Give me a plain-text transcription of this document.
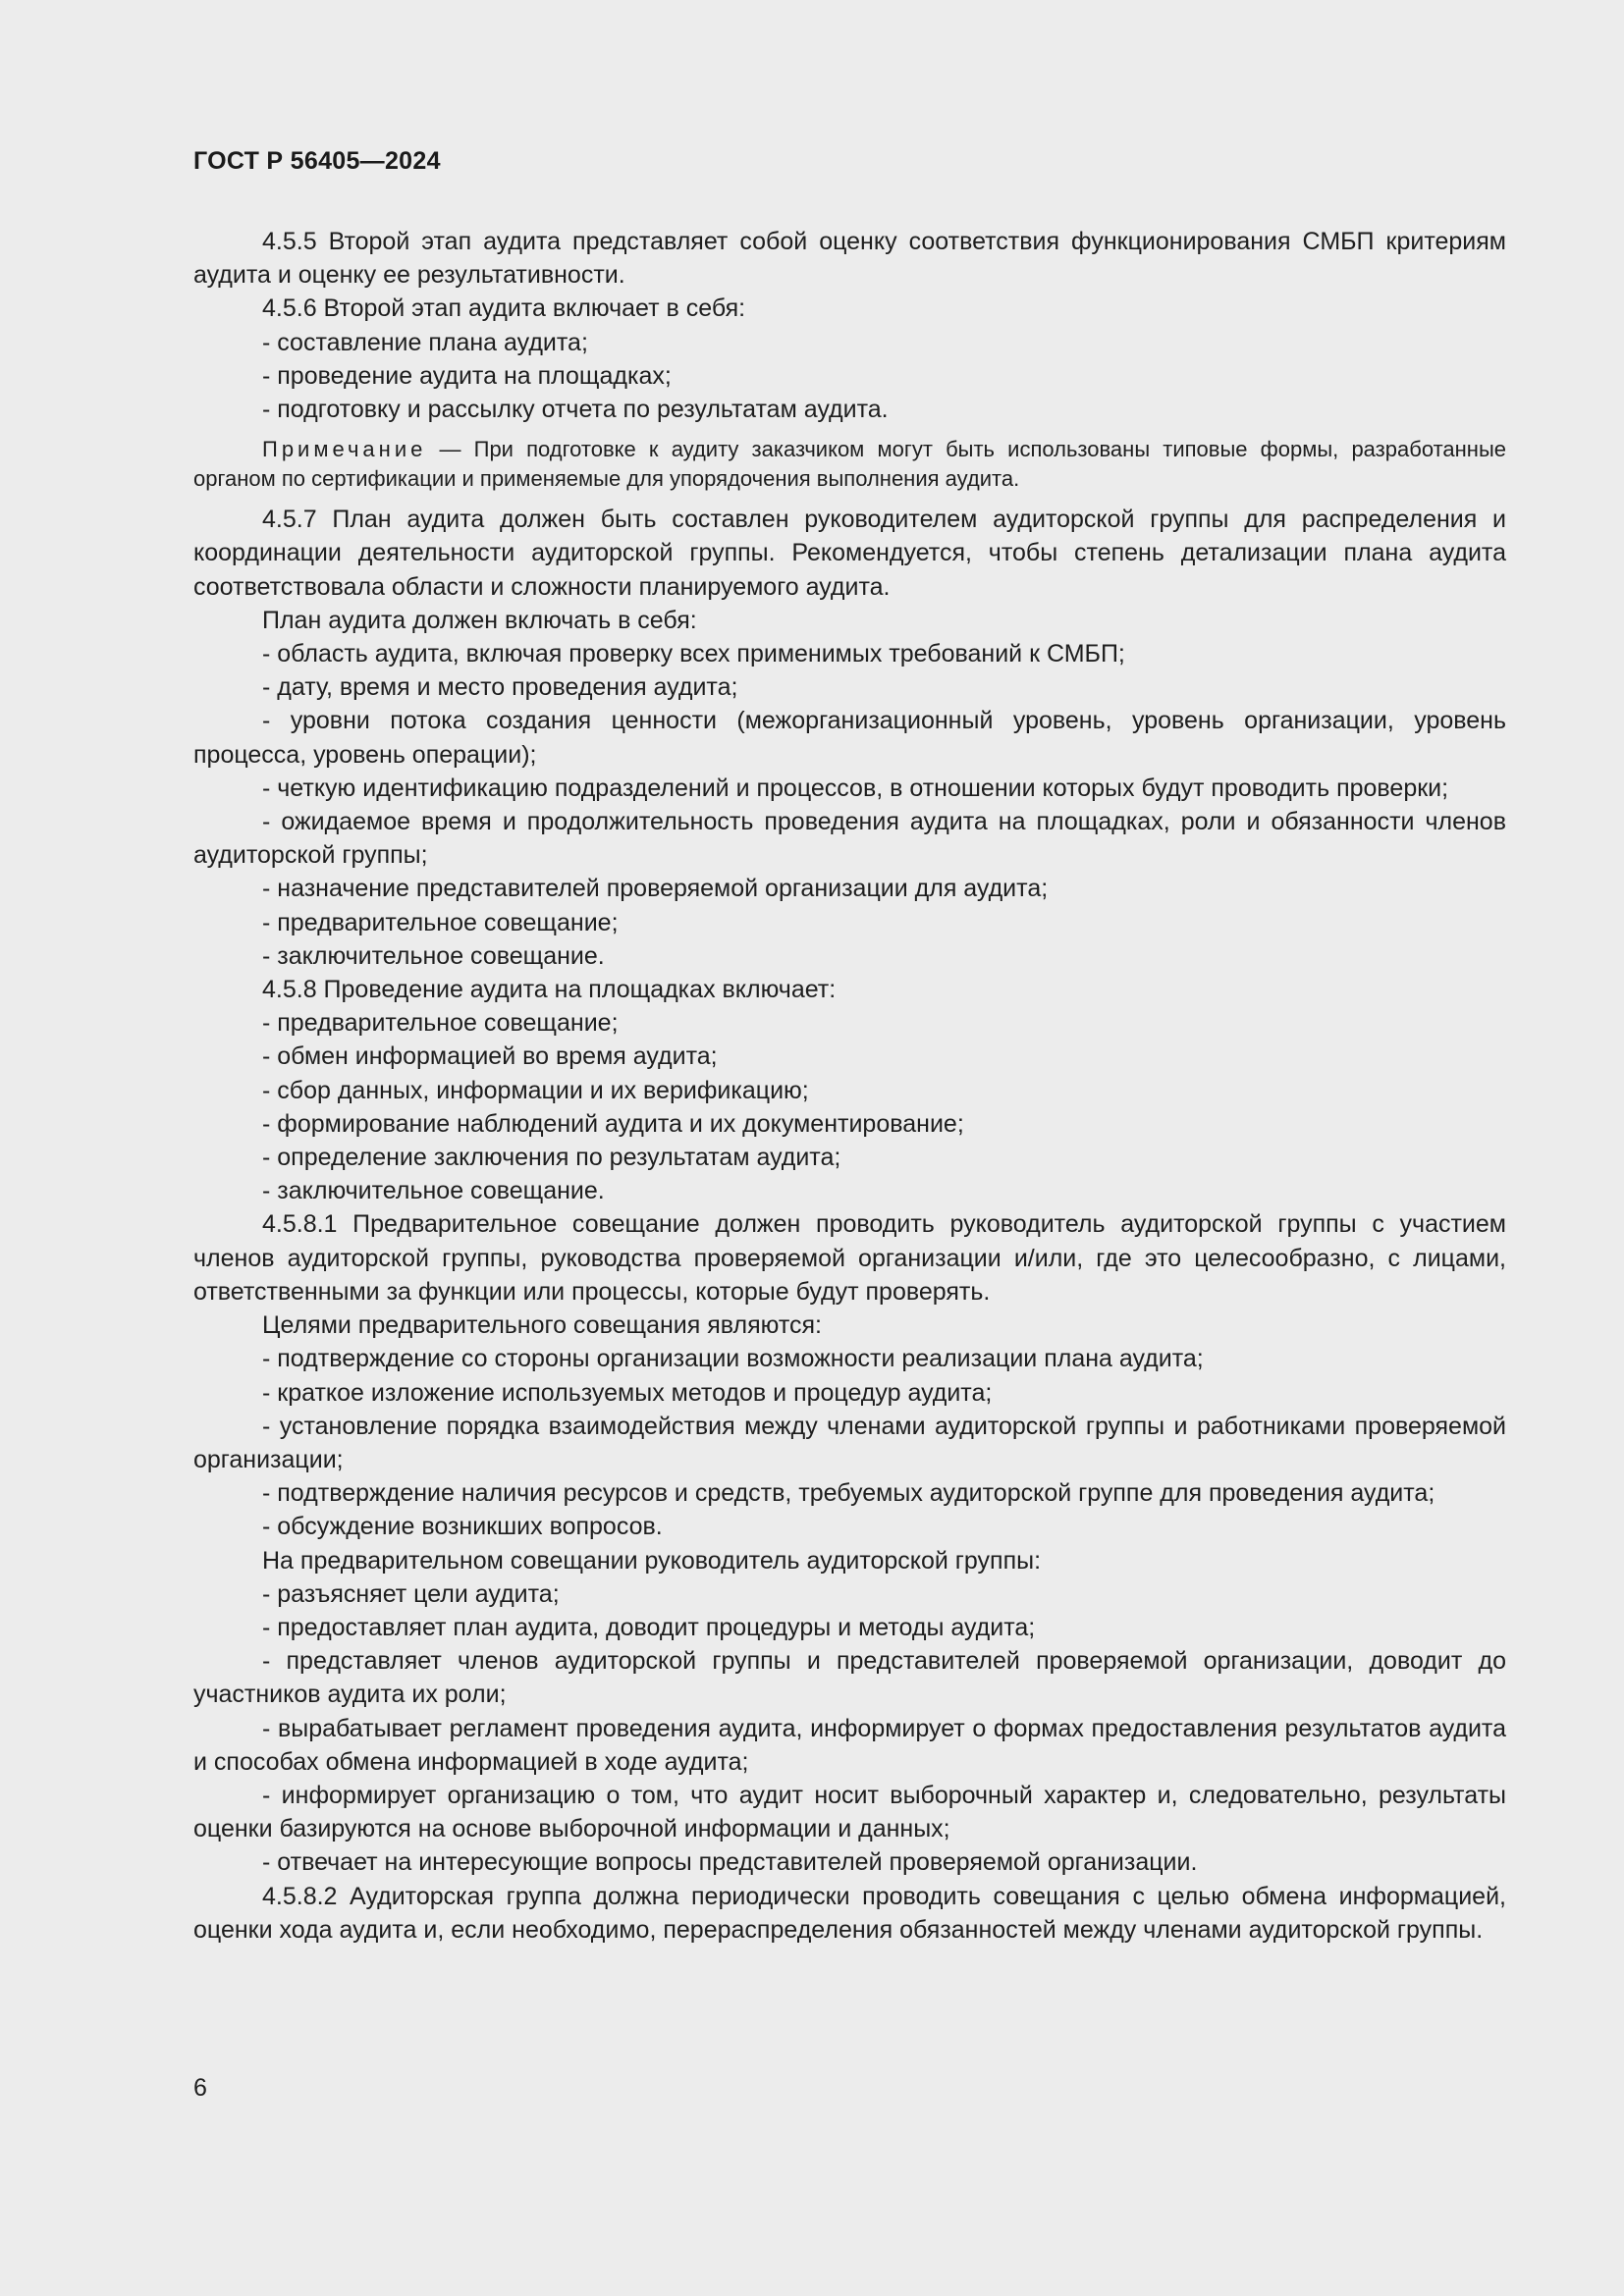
ГОСТ Р 56405—2024

4.5.5 Второй этап аудита представляет собой оценку соответствия функционирования СМБП критериям аудита и оценку ее результативности.

4.5.6 Второй этап аудита включает в себя:

- составление плана аудита;

- проведение аудита на площадках;

- подготовку и рассылку отчета по результатам аудита.

Примечание — При подготовке к аудиту заказчиком могут быть использованы типовые формы, разработанные органом по сертификации и применяемые для упорядочения выполнения аудита.

4.5.7 План аудита должен быть составлен руководителем аудиторской группы для распределения и координации деятельности аудиторской группы. Рекомендуется, чтобы степень детализации плана аудита соответствовала области и сложности планируемого аудита.

План аудита должен включать в себя:

- область аудита, включая проверку всех применимых требований к СМБП;

- дату, время и место проведения аудита;

- уровни потока создания ценности (межорганизационный уровень, уровень организации, уровень процесса, уровень операции);

- четкую идентификацию подразделений и процессов, в отношении которых будут проводить проверки;

- ожидаемое время и продолжительность проведения аудита на площадках, роли и обязанности членов аудиторской группы;

- назначение представителей проверяемой организации для аудита;

- предварительное совещание;

- заключительное совещание.

4.5.8 Проведение аудита на площадках включает:

- предварительное совещание;

- обмен информацией во время аудита;

- сбор данных, информации и их верификацию;

- формирование наблюдений аудита и их документирование;

- определение заключения по результатам аудита;

- заключительное совещание.

4.5.8.1 Предварительное совещание должен проводить руководитель аудиторской группы с участием членов аудиторской группы, руководства проверяемой организации и/или, где это целесообразно, с лицами, ответственными за функции или процессы, которые будут проверять.

Целями предварительного совещания являются:

- подтверждение со стороны организации возможности реализации плана аудита;

- краткое изложение используемых методов и процедур аудита;

- установление порядка взаимодействия между членами аудиторской группы и работниками проверяемой организации;

- подтверждение наличия ресурсов и средств, требуемых аудиторской группе для проведения аудита;

- обсуждение возникших вопросов.

На предварительном совещании руководитель аудиторской группы:

- разъясняет цели аудита;

- предоставляет план аудита, доводит процедуры и методы аудита;

- представляет членов аудиторской группы и представителей проверяемой организации, доводит до участников аудита их роли;

- вырабатывает регламент проведения аудита, информирует о формах предоставления результатов аудита и способах обмена информацией в ходе аудита;

- информирует организацию о том, что аудит носит выборочный характер и, следовательно, результаты оценки базируются на основе выборочной информации и данных;

- отвечает на интересующие вопросы представителей проверяемой организации.

4.5.8.2 Аудиторская группа должна периодически проводить совещания с целью обмена информацией, оценки хода аудита и, если необходимо, перераспределения обязанностей между членами аудиторской группы.

6
